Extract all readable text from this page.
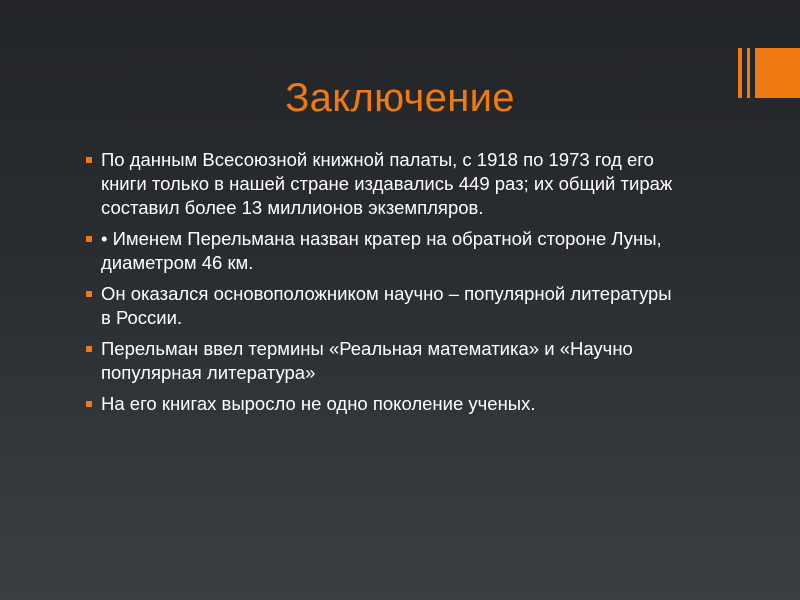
Заключение
По данным Всесоюзной книжной палаты, с 1918 по 1973 год его книги только в нашей стране издавались 449 раз; их общий тираж составил более 13 миллионов экземпляров.
• Именем Перельмана назван кратер на обратной стороне Луны, диаметром 46 км.
Он оказался основоположником научно – популярной литературы в России.
Перельман ввел термины «Реальная математика» и «Научно популярная литература»
На его книгах выросло не одно поколение ученых.
